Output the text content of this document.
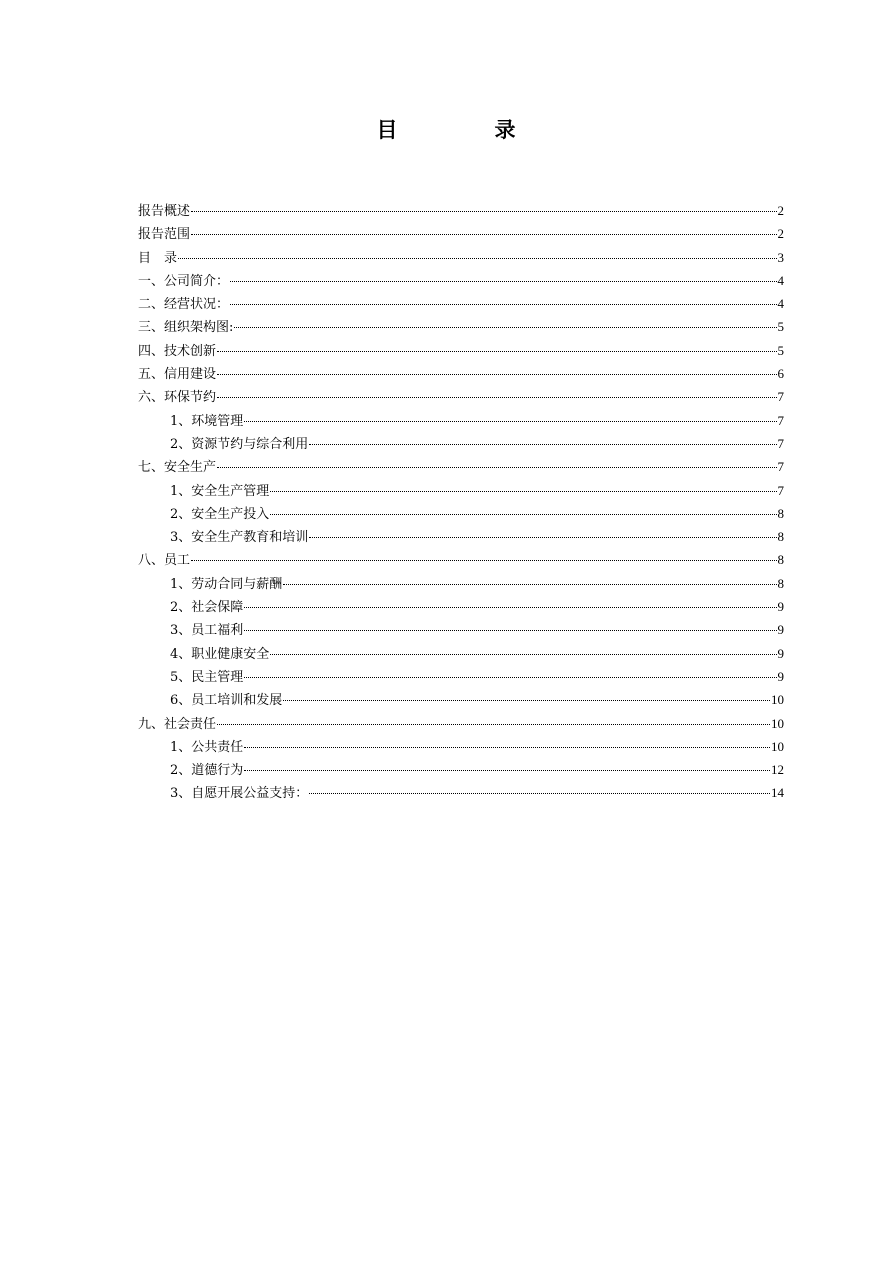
目　录
报告概述	2
报告范围	2
目　录	3
一、公司简介：	4
二、经营状况：	4
三、组织架构图:	5
四、技术创新	5
五、信用建设	6
六、环保节约	7
1、环境管理	7
2、资源节约与综合利用	7
七、安全生产	7
1、安全生产管理	7
2、安全生产投入	8
3、安全生产教育和培训	8
八、员工	8
1、劳动合同与薪酬	8
2、社会保障	9
3、员工福利	9
4、职业健康安全	9
5、民主管理	9
6、员工培训和发展	10
九、社会责任	10
1、公共责任	10
2、道德行为	12
3、自愿开展公益支持：	14
